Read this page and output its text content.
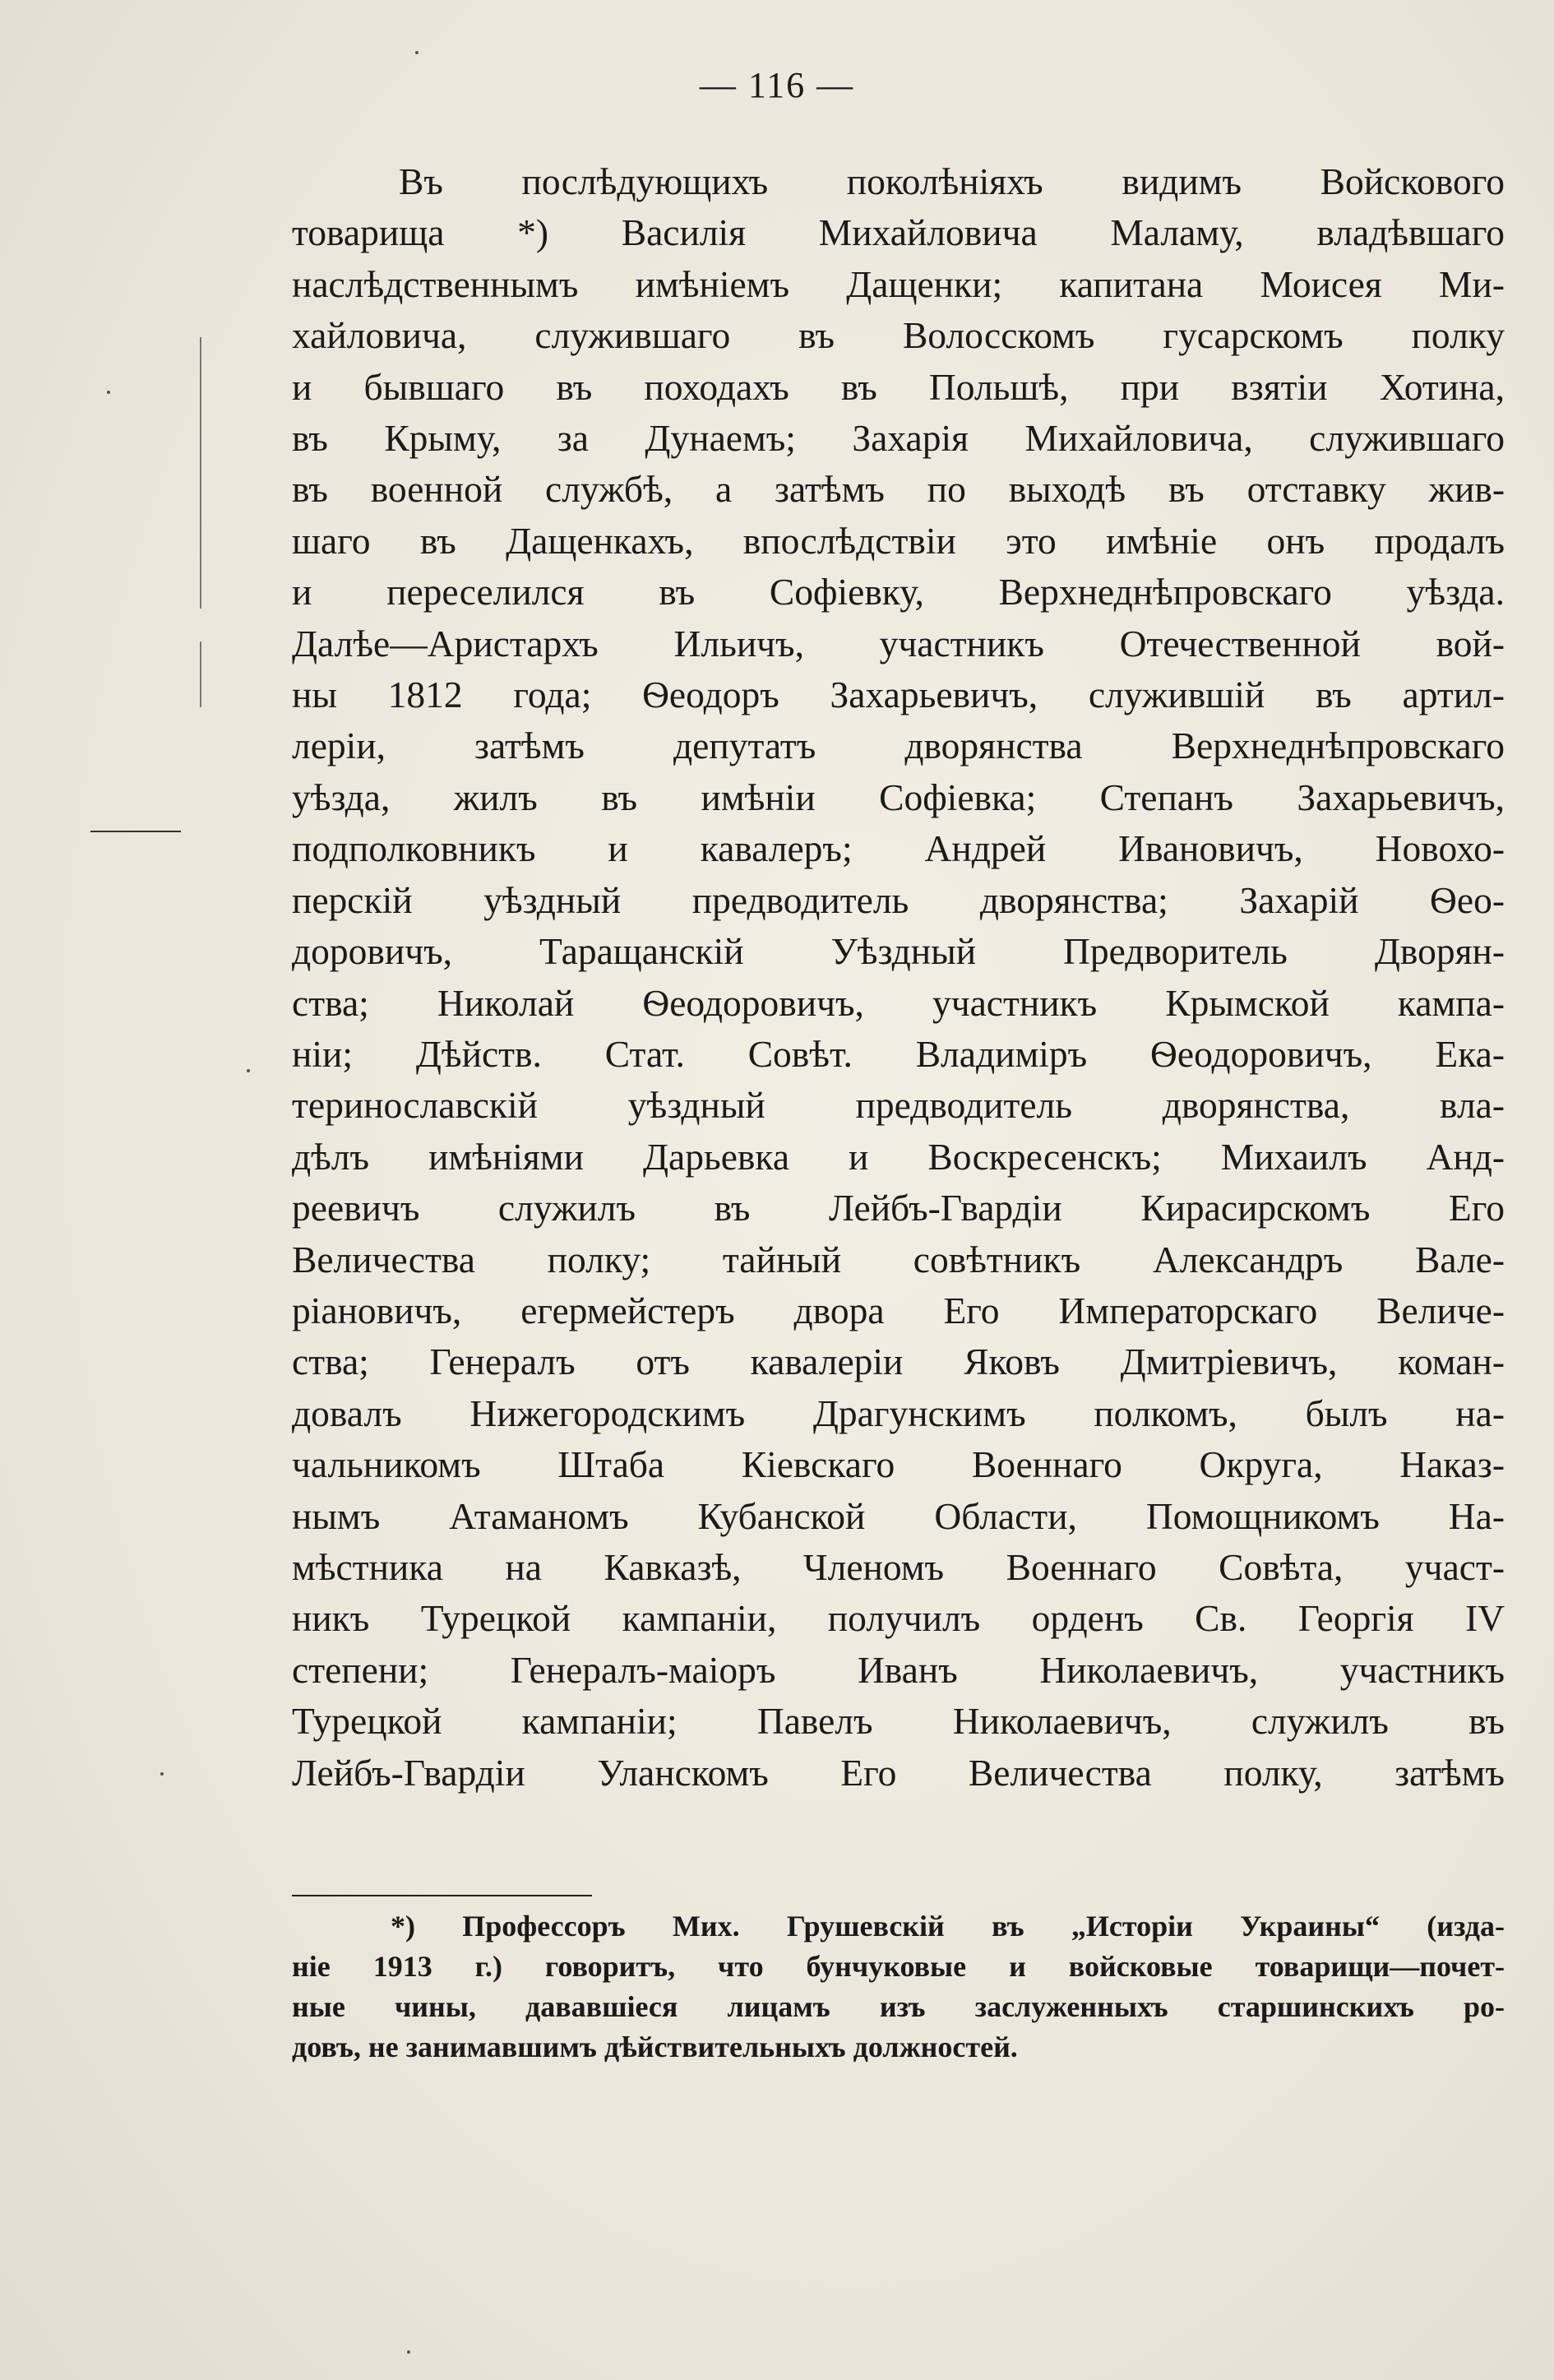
— 116 —
Въ послѣдующихъ поколѣніяхъ видимъ Войскового
товарища *) Василія Михайловича Маламу, владѣвшаго
наслѣдственнымъ имѣніемъ Дащенки; капитана Моисея Ми-
хайловича, служившаго въ Волосскомъ гусарскомъ полку
и бывшаго въ походахъ въ Польшѣ, при взятіи Хотина,
въ Крыму, за Дунаемъ; Захарія Михайловича, служившаго
въ военной службѣ, а затѣмъ по выходѣ въ отставку жив-
шаго въ Дащенкахъ, впослѣдствіи это имѣніе онъ продалъ
и переселился въ Софіевку, Верхнеднѣпровскаго уѣзда.
Далѣе—Аристархъ Ильичъ, участникъ Отечественной вой-
ны 1812 года; Ѳеодоръ Захарьевичъ, служившій въ артил-
леріи, затѣмъ депутатъ дворянства Верхнеднѣпровскаго
уѣзда, жилъ въ имѣніи Софіевка; Степанъ Захарьевичъ,
подполковникъ и кавалеръ; Андрей Ивановичъ, Новохо-
перскій уѣздный предводитель дворянства; Захарій Ѳео-
доровичъ, Таращанскій Уѣздный Предворитель Дворян-
ства; Николай Ѳеодоровичъ, участникъ Крымской кампа-
ніи; Дѣйств. Стат. Совѣт. Владиміръ Ѳеодоровичъ, Ека-
теринославскій уѣздный предводитель дворянства, вла-
дѣлъ имѣніями Дарьевка и Воскресенскъ; Михаилъ Анд-
реевичъ служилъ въ Лейбъ-Гвардіи Кирасирскомъ Его
Величества полку; тайный совѣтникъ Александръ Вале-
ріановичъ, егермейстеръ двора Его Императорскаго Величе-
ства; Генералъ отъ кавалеріи Яковъ Дмитріевичъ, коман-
довалъ Нижегородскимъ Драгунскимъ полкомъ, былъ на-
чальникомъ Штаба Кіевскаго Военнаго Округа, Наказ-
нымъ Атаманомъ Кубанской Области, Помощникомъ На-
мѣстника на Кавказѣ, Членомъ Военнаго Совѣта, участ-
никъ Турецкой кампаніи, получилъ орденъ Св. Георгія IV
степени; Генералъ-маіоръ Иванъ Николаевичъ, участникъ
Турецкой кампаніи; Павелъ Николаевичъ, служилъ въ
Лейбъ-Гвардіи Уланскомъ Его Величества полку, затѣмъ
*) Профессоръ Мих. Грушевскій въ „Исторіи Украины“ (изда-
ніе 1913 г.) говоритъ, что бунчуковые и войсковые товарищи—почет-
ные чины, дававшіеся лицамъ изъ заслуженныхъ старшинскихъ ро-
довъ, не занимавшимъ дѣйствительныхъ должностей.
